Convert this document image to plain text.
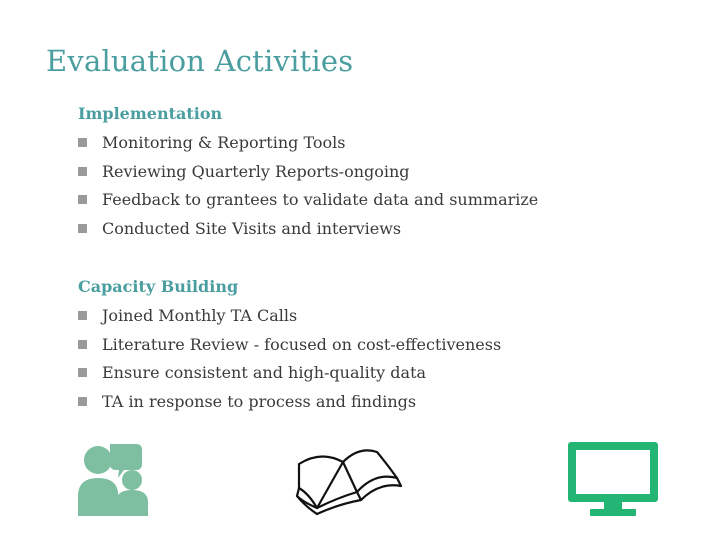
Evaluation Activities
Implementation
Monitoring & Reporting Tools
Reviewing Quarterly Reports-ongoing
Feedback to grantees to validate data and summarize
Conducted Site Visits and interviews
Capacity Building
Joined Monthly TA Calls
Literature Review - focused on cost-effectiveness
Ensure consistent and high-quality data
TA in response to process and findings
